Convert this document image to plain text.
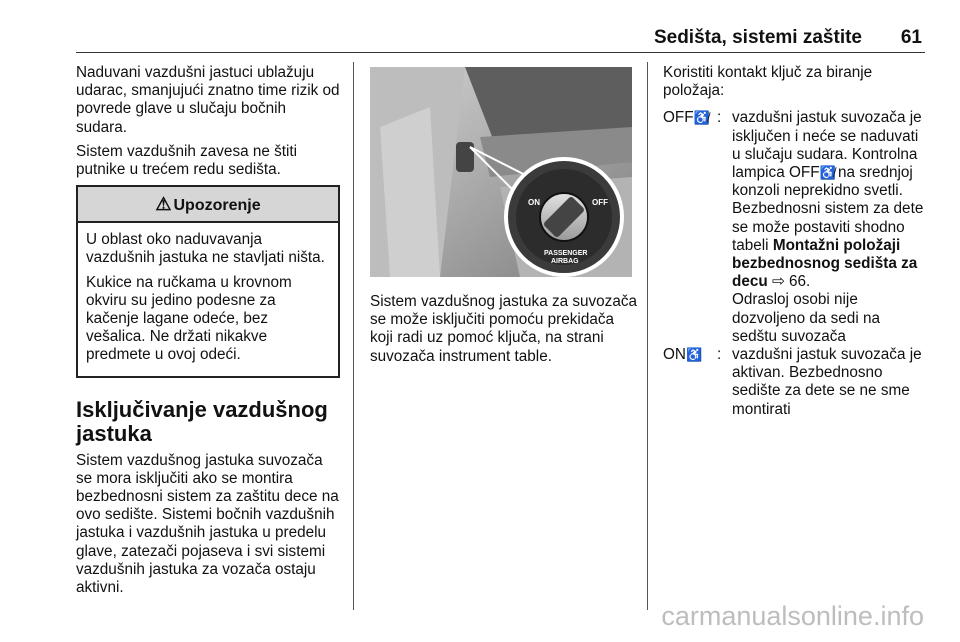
Sedišta, sistemi zaštite 61

Naduvani vazdušni jastuci ublažuju udarac, smanjujući znatno time rizik od povrede glave u slučaju bočnih sudara.

Sistem vazdušnih zavesa ne štiti putnike u trećem redu sedišta.

⚠ Upozorenje

U oblast oko naduvavanja vazdušnih jastuka ne stavljati ništa.

Kukice na ručkama u krovnom okviru su jedino podesne za kačenje lagane odeće, bez vešalica. Ne držati nikakve predmete u ovoj odeći.

Isključivanje vazdušnog jastuka

Sistem vazdušnog jastuka suvozača se mora isključiti ako se montira bezbednosni sistem za zaštitu dece na ovo sedište. Sistemi bočnih vazdušnih jastuka i vazdušnih jastuka u predelu glave, zatezači pojaseva i svi sistemi vazdušnih jastuka za vozača ostaju aktivni.

ON	OFF
PASSENGER
AIRBAG
Sistem vazdušnog jastuka za suvozača se može isključiti pomoću prekidača koji radi uz pomoć ključa, na strani suvozača instrument table.

Koristiti kontakt ključ za biranje položaja:

OFF♿̸ : vazdušni jastuk suvozača je isključen i neće se naduvati u slučaju sudara. Kontrolna lampica OFF♿̸ na srednjoj konzoli neprekidno svetli. Bezbednosni sistem za dete se može postaviti shodno tabeli Montažni položaji bezbednosnog sedišta za decu ⇨ 66.
Odrasloj osobi nije dozvoljeno da sedi na sedštu suvozača
ON♿ : vazdušni jastuk suvozača je aktivan. Bezbednosno sedište za dete se ne sme montirati
carmanualsonline.info
